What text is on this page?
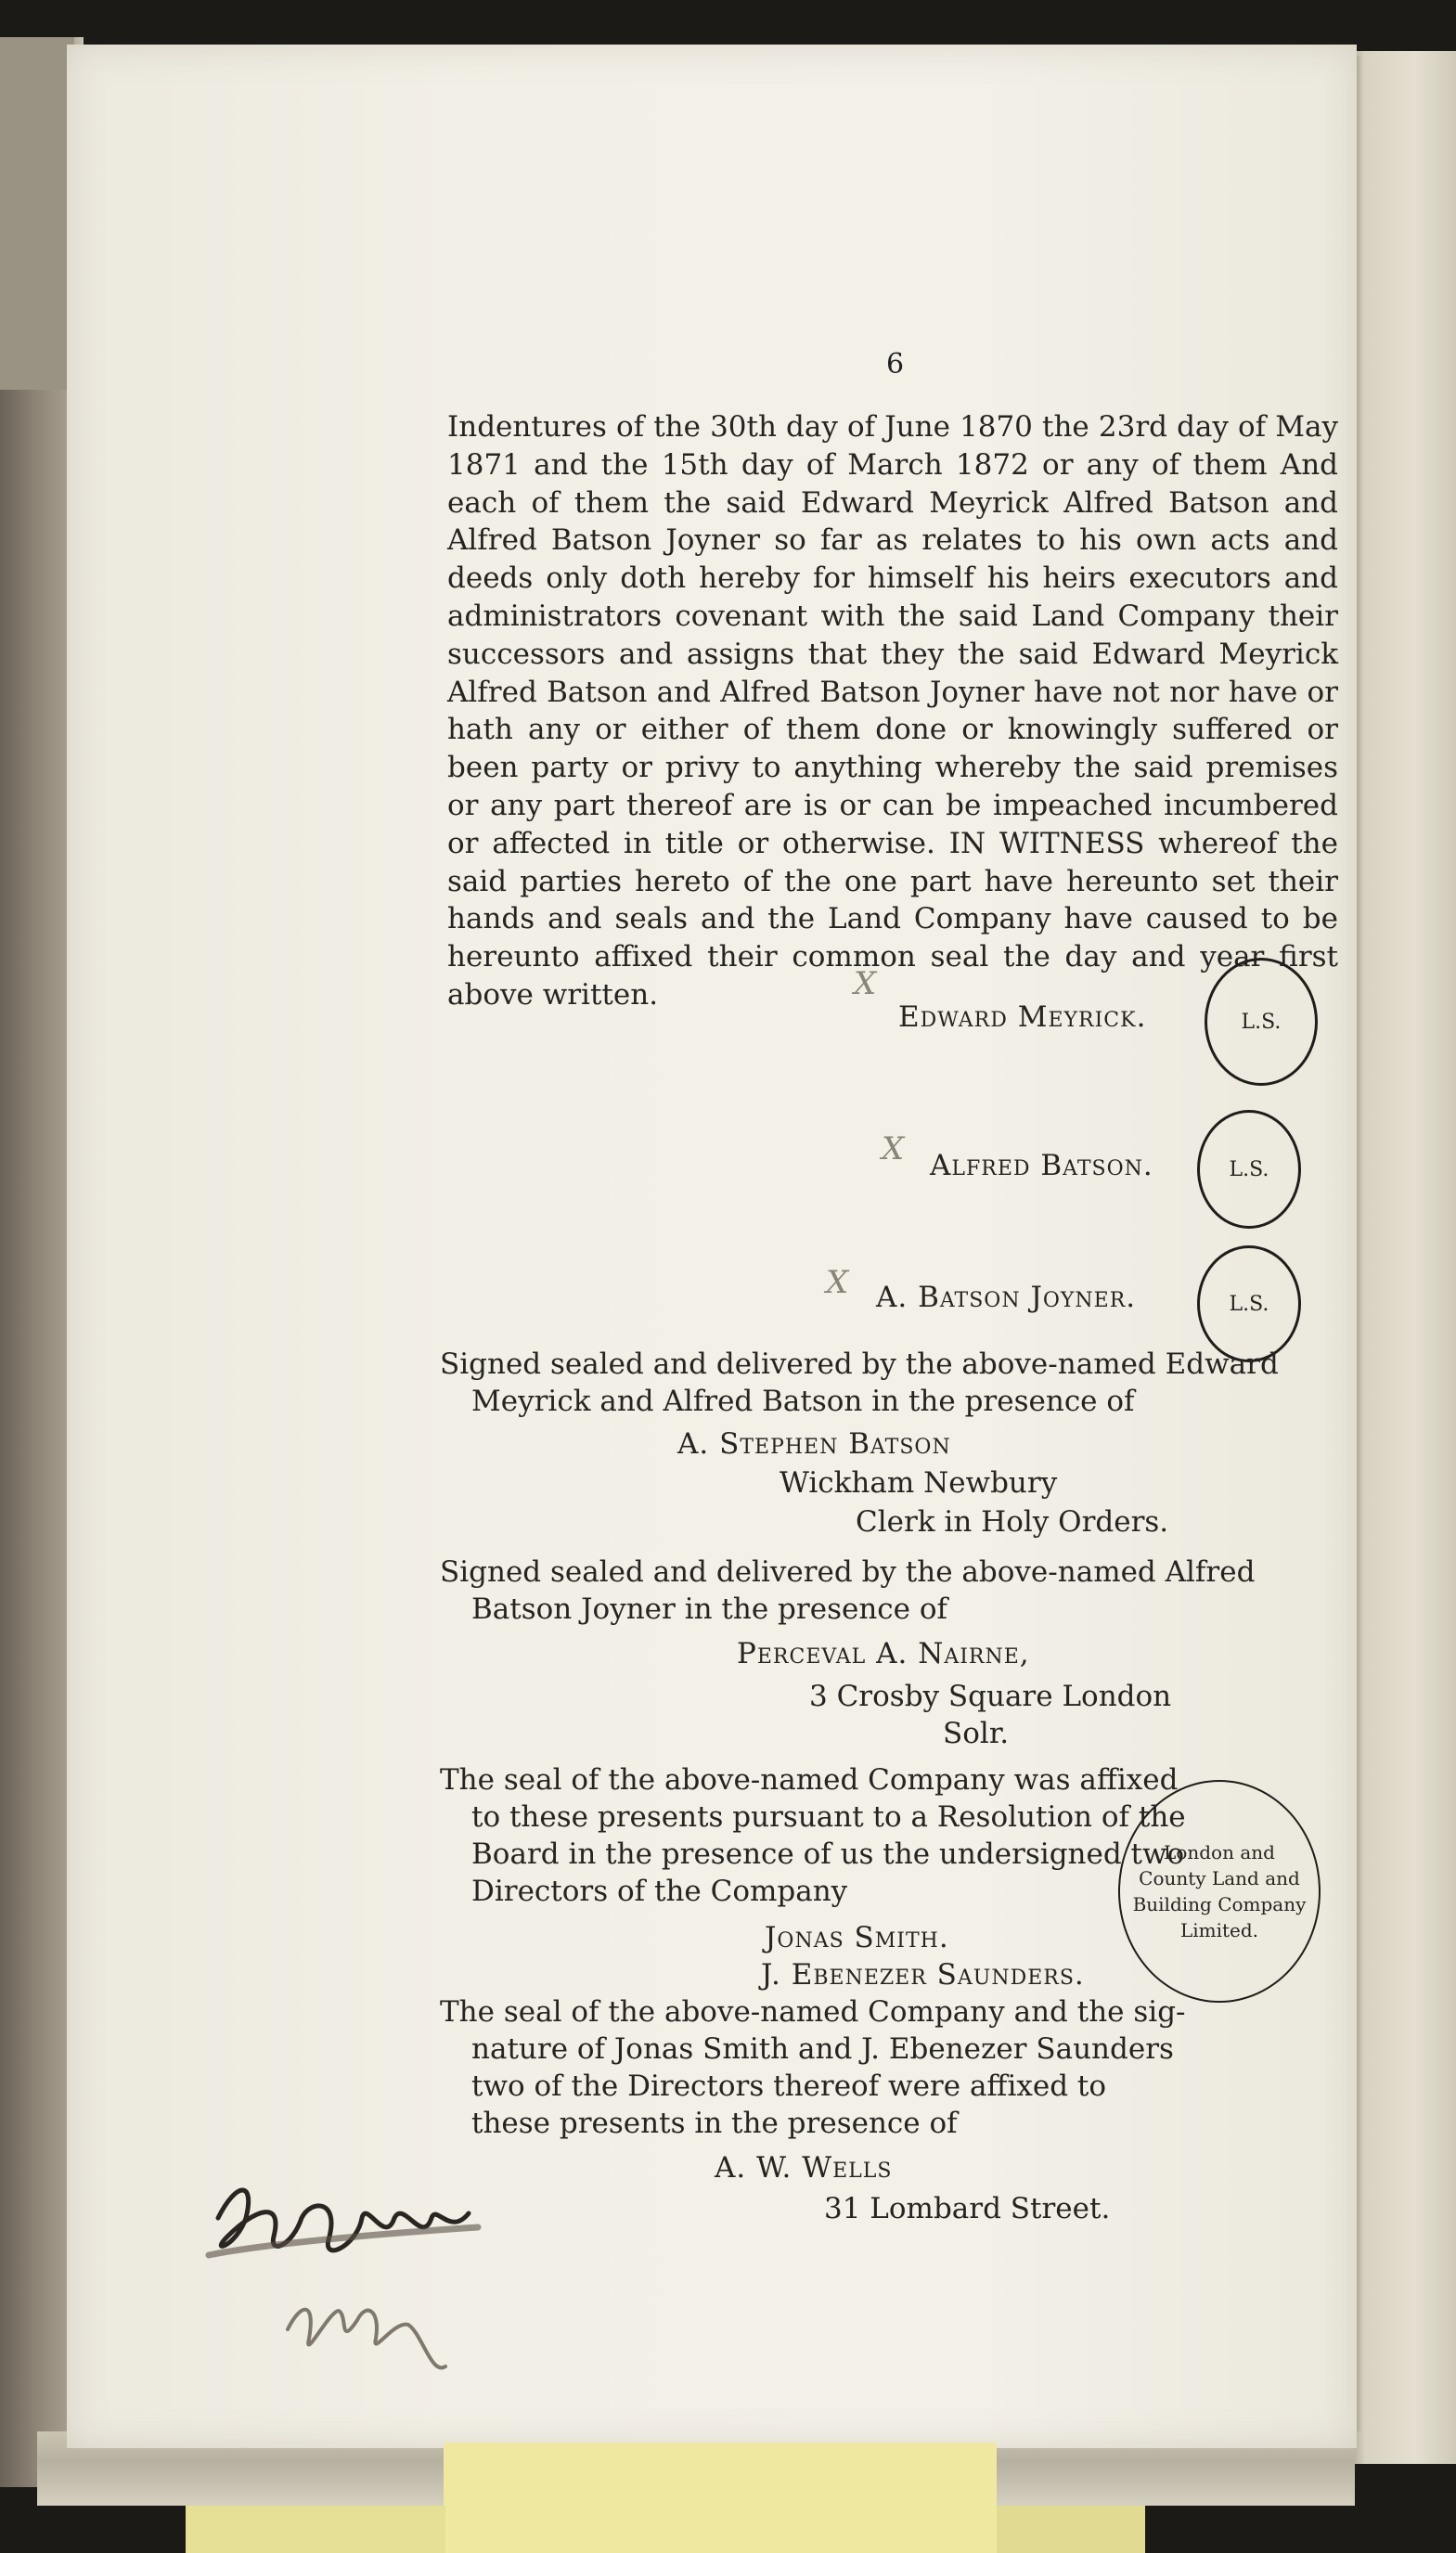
6
Indentures of the 30th day of June 1870 the 23rd day of May 1871 and the 15th day of March 1872 or any of them And each of them the said Edward Meyrick Alfred Batson and Alfred Batson Joyner so far as relates to his own acts and deeds only doth hereby for himself his heirs executors and administrators covenant with the said Land Company their successors and assigns that they the said Edward Meyrick Alfred Batson and Alfred Batson Joyner have not nor have or hath any or either of them done or knowingly suffered or been party or privy to anything whereby the said premises or any part thereof are is or can be impeached incumbered or affected in title or otherwise. IN WITNESS whereof the said parties hereto of the one part have hereunto set their hands and seals and the Land Company have caused to be hereunto affixed their common seal the day and year first above written.	X
Edward Meyrick.	L.S.
X Alfred Batson.	L.S.
X A. Batson Joyner.	L.S.
Signed sealed and delivered by the above-named Edward
Meyrick and Alfred Batson in the presence of
A. Stephen Batson
Wickham Newbury
Clerk in Holy Orders.
Signed sealed and delivered by the above-named Alfred
Batson Joyner in the presence of
Perceval A. Nairne,
3 Crosby Square London
Solr.
The seal of the above-named Company was affixed
to these presents pursuant to a Resolution of the
Board in the presence of us the undersigned two
Directors of the Company
Jonas Smith.
J. Ebenezer Saunders.
London and
County Land and
Building Company
Limited.
The seal of the above-named Company and the sig-
nature of Jonas Smith and J. Ebenezer Saunders
two of the Directors thereof were affixed to
these presents in the presence of
A. W. Wells
31 Lombard Street.
